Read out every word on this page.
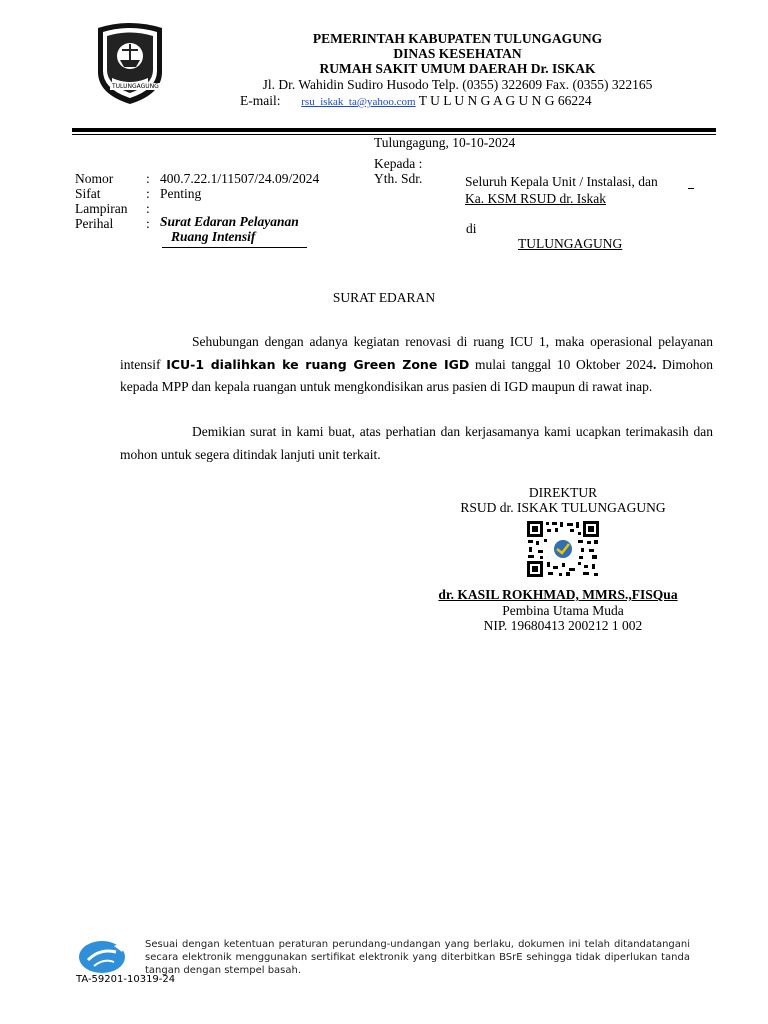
TULUNGAGUNG
PEMERINTAH KABUPATEN TULUNGAGUNG
DINAS KESEHATAN
RUMAH SAKIT UMUM DAERAH Dr. ISKAK
Jl. Dr. Wahidin Sudiro Husodo Telp. (0355) 322609 Fax. (0355) 322165
E-mail: rsu_iskak_ta@yahoo.com T U L U N G A G U N G 66224
Tulungagung, 10-10-2024
Nomor : 400.7.22.1/11507/24.09/2024
Sifat	: Penting
Lampiran :
Perihal : Surat Edaran Pelayanan
Ruang Intensif
Kepada :
Yth. Sdr.	Seluruh Kepala Unit / Instalasi, dan
Ka. KSM RSUD dr. Iskak
di
TULUNGAGUNG
SURAT EDARAN
Sehubungan dengan adanya kegiatan renovasi di ruang ICU 1, maka operasional pelayanan intensif ICU-1 dialihkan ke ruang Green Zone IGD mulai tanggal 10 Oktober 2024. Dimohon kepada MPP dan kepala ruangan untuk mengkondisikan arus pasien di IGD maupun di rawat inap.
Demikian surat in kami buat, atas perhatian dan kerjasamanya kami ucapkan terimakasih dan mohon untuk segera ditindak lanjuti unit terkait.
DIREKTUR
RSUD dr. ISKAK TULUNGAGUNG
dr. KASIL ROKHMAD, MMRS.,FISQua
Pembina Utama Muda
NIP. 19680413 200212 1 002
Sesuai dengan ketentuan peraturan perundang-undangan yang berlaku, dokumen ini telah ditandatangani secara elektronik menggunakan sertifikat elektronik yang diterbitkan BSrE sehingga tidak diperlukan tanda tangan dengan stempel basah.
TA-59201-10319-24
